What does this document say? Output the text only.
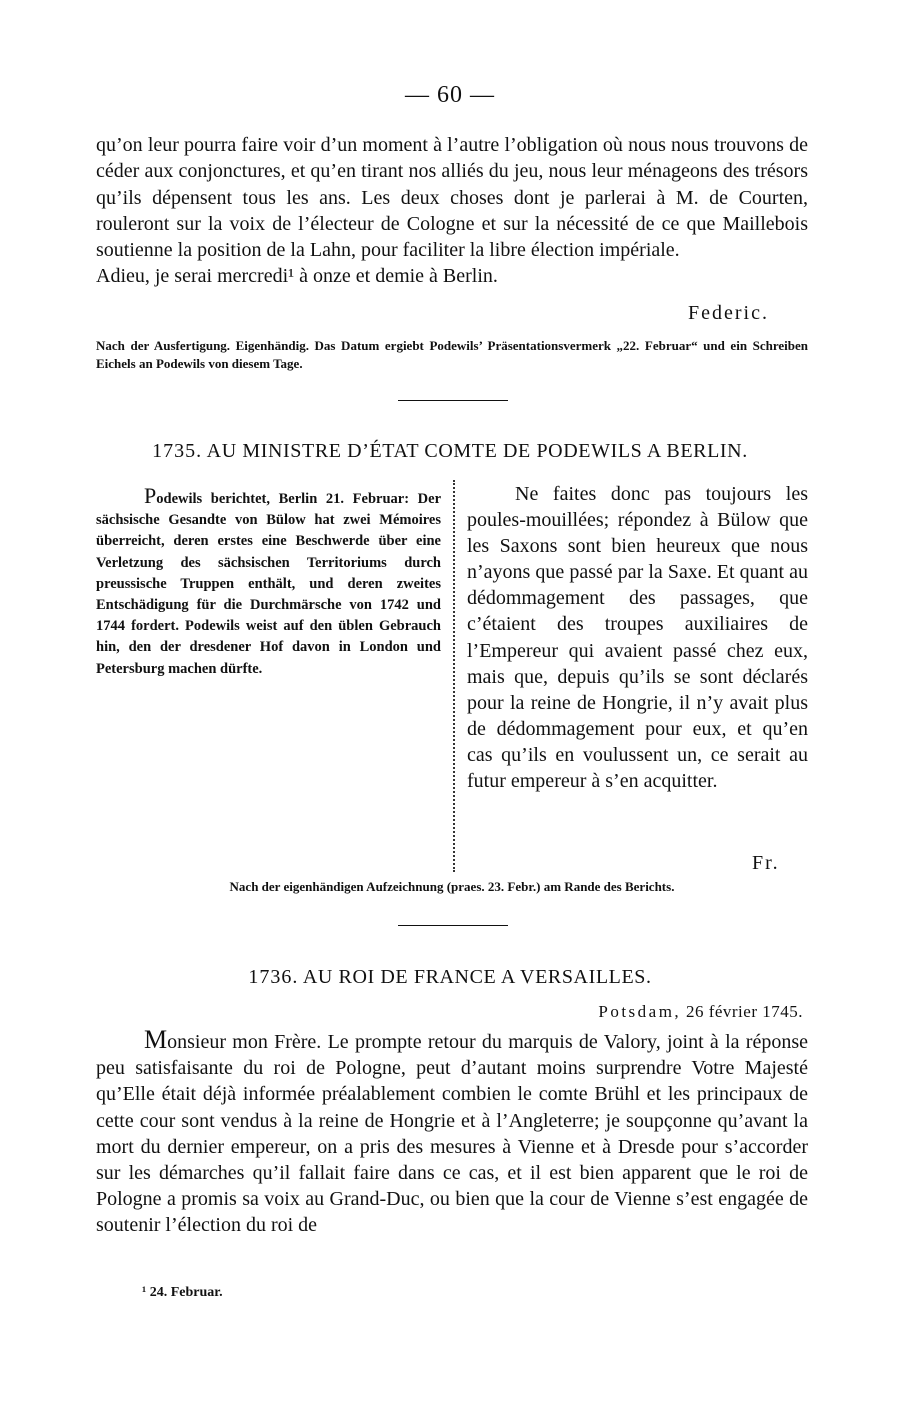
— 60 —

qu’on leur pourra faire voir d’un moment à l’autre l’obligation où nous nous trouvons de céder aux conjonctures, et qu’en tirant nos alliés du jeu, nous leur ménageons des trésors qu’ils dépensent tous les ans. Les deux choses dont je parlerai à M. de Courten, rouleront sur la voix de l’électeur de Cologne et sur la nécessité de ce que Maillebois soutienne la position de la Lahn, pour faciliter la libre élection impériale.

Adieu, je serai mercredi¹ à onze et demie à Berlin.

Federic.
Nach der Ausfertigung. Eigenhändig. Das Datum ergiebt Podewils’ Präsentationsvermerk „22. Februar“ und ein Schreiben Eichels an Podewils von diesem Tage.
1735. AU MINISTRE D’ÉTAT COMTE DE PODEWILS A BERLIN.
Podewils berichtet, Berlin 21. Februar: Der sächsische Gesandte von Bülow hat zwei Mémoires überreicht, deren erstes eine Beschwerde über eine Verletzung des sächsischen Territoriums durch preussische Truppen enthält, und deren zweites Entschädigung für die Durchmärsche von 1742 und 1744 fordert. Podewils weist auf den üblen Gebrauch hin, den der dresdener Hof davon in London und Petersburg machen dürfte.
Ne faites donc pas toujours les poules-mouillées; répondez à Bülow que les Saxons sont bien heureux que nous n’ayons que passé par la Saxe. Et quant au dédommagement des passages, que c’étaient des troupes auxiliaires de l’Empereur qui avaient passé chez eux, mais que, depuis qu’ils se sont déclarés pour la reine de Hongrie, il n’y avait plus de dédommagement pour eux, et qu’en cas qu’ils en voulussent un, ce serait au futur empereur à s’en acquitter.
Fr.
Nach der eigenhändigen Aufzeichnung (praes. 23. Febr.) am Rande des Berichts.
1736. AU ROI DE FRANCE A VERSAILLES.
Potsdam, 26 février 1745.
Monsieur mon Frère. Le prompte retour du marquis de Valory, joint à la réponse peu satisfaisante du roi de Pologne, peut d’autant moins surprendre Votre Majesté qu’Elle était déjà informée préalablement combien le comte Brühl et les principaux de cette cour sont vendus à la reine de Hongrie et à l’Angleterre; je soupçonne qu’avant la mort du dernier empereur, on a pris des mesures à Vienne et à Dresde pour s’accorder sur les démarches qu’il fallait faire dans ce cas, et il est bien apparent que le roi de Pologne a promis sa voix au Grand-Duc, ou bien que la cour de Vienne s’est engagée de soutenir l’élection du roi de
¹ 24. Februar.
